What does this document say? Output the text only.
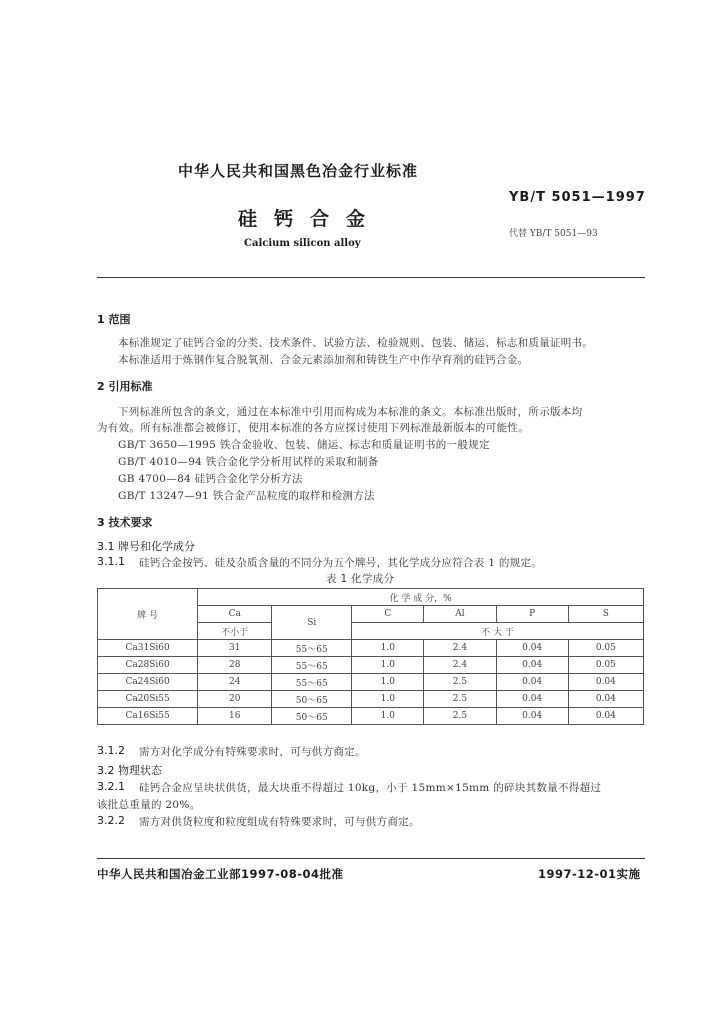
中华人民共和国黑色冶金行业标准
YB/T 5051—1997
硅钙合金
代替 YB/T 5051—93
Calcium silicon alloy
1 范围
本标准规定了硅钙合金的分类、技术条件、试验方法、检验规则、包装、储运、标志和质量证明书。
本标准适用于炼钢作复合脱氧剂、合金元素添加剂和铸铁生产中作孕育剂的硅钙合金。
2 引用标准
下列标准所包含的条文，通过在本标准中引用而构成为本标准的条文。本标准出版时，所示版本均
为有效。所有标准都会被修订，使用本标准的各方应探讨使用下列标准最新版本的可能性。
GB/T 3650—1995 铁合金验收、包装、储运、标志和质量证明书的一般规定
GB/T 4010—94 铁合金化学分析用试样的采取和制备
GB 4700—84 硅钙合金化学分析方法
GB/T 13247—91 铁合金产品粒度的取样和检测方法
3 技术要求
3.1 牌号和化学成分
3.1.1 硅钙合金按钙、硅及杂质含量的不同分为五个牌号，其化学成分应符合表 1 的规定。
表 1 化学成分
牌 号	化 学 成 分，%					
	Ca	Si	C	Al	P	S
	不小于		不 大 于			
Ca31Si60	31	55～65	1.0	2.4	0.04	0.05
Ca28Si60	28	55～65	1.0	2.4	0.04	0.05
Ca24Si60	24	55～65	1.0	2.5	0.04	0.04
Ca20Si55	20	50～65	1.0	2.5	0.04	0.04
Ca16Si55	16	50～65	1.0	2.5	0.04	0.04
3.1.2 需方对化学成分有特殊要求时，可与供方商定。
3.2 物理状态
3.2.1 硅钙合金应呈块状供货，最大块重不得超过 10kg，小于 15mm×15mm 的碎块其数量不得超过
该批总重量的 20%。
3.2.2 需方对供货粒度和粒度组成有特殊要求时，可与供方商定。
中华人民共和国冶金工业部1997-08-04批准	1997-12-01实施
